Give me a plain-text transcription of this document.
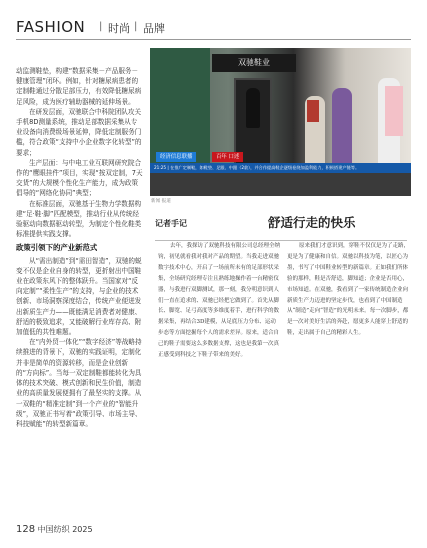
FASHION | 时尚 | 品牌

动监测鞋垫，构建“数据采集－产品服务－健康管理”闭环。例如，针对糖尿病患者的定制鞋通过分散足部压力，有效降低糖尿病足风险，成为医疗辅助器械的延伸场景。

在研发层面，双驰联合中科院团队攻关手机8D测量系统，推动足部数据采集从专业设备向消费级场景延伸，降低定制服务门槛，符合政策“支持中小企业数字化转型”的要求；

生产层面：与中电工业互联网研究院合作的“鹰眼挂件”项目，实现“按双定制，7天交货”的大规模个性化生产能力，成为政策倡导的“网络化协同”典型；

在标准层面，双驰基于生物力学数据构建“足·鞋·脚”匹配模型，推动行业从传统经验驱动向数据驱动转型，为制定个性化鞋类标准提供实践支撑。

政策引领下的产业新范式

从“需出制造”到“需田智造”，双驰的蜕变不仅是企业自身的转型，更折射出中国鞋业在政策东风下的整体跃升。当国家对“反向定制”“柔性生产”的支持，与企业的技术创新、市场洞察深度结合，传统产业便迸发出新质生产力——既能满足消费者对健康、舒适的极致追求，又能破解行业库存高、附加值低的共性难题。

在“内外贸一体化”“数字经济”等战略持续推进的背景下，双驰的实践证明，定制化并非是简单的资源转移，而是企业创新的“方向标”。当每一双定制鞋都能转化为具体的技术突破、模式创新和民生价值，制造业的高质量发展便拥有了最坚实的支撑。从一双鞋的“精准定制”到一个产业的“智能升级”，双驰正书写着“政策引导、市场主导、科技赋能”的转型新篇章。

双驰鞋业
经济信息联播	百年 口述
21:25 | 在推广定制鞋，如鞋垫、足跟、中跟（2款），并合作提高鞋企逐级卷绕加盈利能力，积极搭建产链等。
新闻 报道
记者手记	舒适行走的快乐

去年，我探访了双驰科技有限公司总经理全纳钧，初见就看我对我对产品的期望。当我走进双驰数字技术中心，开启了一场前所未有的足部形状采集，全场研究经理专注且熟练地操作着一台精密仪器，与我进行双脚测试，那一刻，我分明意识到人们一直在追求的、双驰已经把它做到了。首先从脚长、脚宽、足弓高度等多维度着手，进行科学的数据采集，再结合3D建模，从足底压力分布、运动步态等方面挖掘每个人的需求差异。原来，适合自己的鞋子需要这么多数据支撑，这也是我第一次真正感受到科技之下鞋子带来的美好。

原来我们才意识到，穿鞋不仅仅是为了走路，更是为了健康和自信。双驰以科技为笔，以匠心为墨，书写了中国鞋业转型的新篇章。正如我们所体验的那样，鞋是否舒适，脚知道；企业是否用心，市场知道。在双驰，我看到了一家传统制造企业向新质生产力迈进的坚定步伐，也看到了中国制造从“制造”走向“智造”的光明未来。每一次脚步，都是一次对美好生活的奔赴，愿更多人能穿上舒适的鞋，走出属于自己的精彩人生。

128 中国纺织 2025
